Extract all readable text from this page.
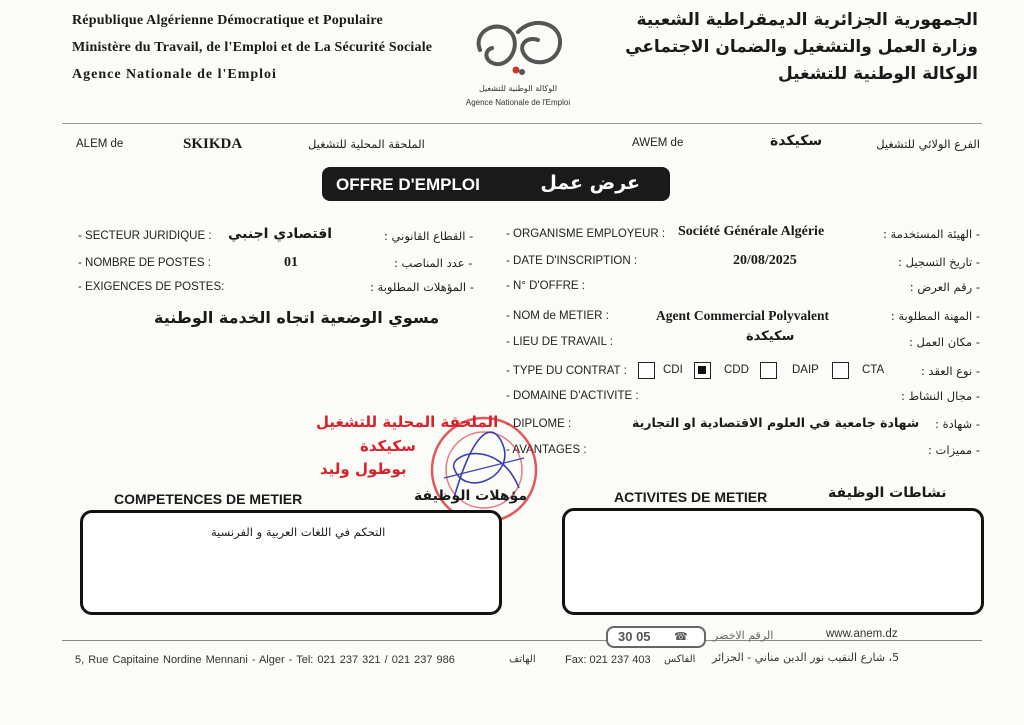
République Algérienne Démocratique et Populaire
Ministère du Travail, de l'Emploi et de La Sécurité Sociale
Agence Nationale de l'Emploi
الجمهورية الجزائرية الديمقراطية الشعبية
وزارة العمل والتشغيل والضمان الاجتماعي
الوكالة الوطنية للتشغيل
الوكالة الوطنية للتشغيل
Agence Nationale de l'Emploi
ALEM de	SKIKDA	الملحقة المحلية للتشغيل	AWEM de	سكيكدة	الفرع الولائي للتشغيل
OFFRE D'EMPLOI	عرض عمل
- SECTEUR JURIDIQUE : اقتصادي اجنبي	- القطاع القانوني :
- NOMBRE DE POSTES :	01	- عدد المناصب :
- EXIGENCES DE POSTES:	- المؤهلات المطلوبة :
مسوي الوضعية اتجاه الخدمة الوطنية
- ORGANISME EMPLOYEUR : Société Générale Algérie	- الهيئة المستخدمة :
- DATE D'INSCRIPTION :	20/08/2025	- تاريخ التسجيل :
- N° D'OFFRE :	- رقم العرض :
- NOM de METIER :	Agent Commercial Polyvalent	- المهنة المطلوبة :
- LIEU DE TRAVAIL :	سكيكدة	- مكان العمل :
- TYPE DU CONTRAT :	CDI	CDD	DAIP	CTA	- نوع العقد :
- DOMAINE D'ACTIVITE :	- مجال النشاط :
- DIPLOME :	شهادة جامعية في العلوم الاقتصادية او التجارية - شهادة :
- AVANTAGES :	- مميزات :
الملحقة المحلية للتشغيل
سكيكدة
بوطول وليد
COMPETENCES DE METIER	مؤهلات الوظيفة	ACTIVITES DE METIER	نشاطات الوظيفة
التحكم في اللغات العربية و الفرنسية
الرقم الاخضر
30 05 ☎	www.anem.dz
5, Rue Capitaine Nordine Mennani - Alger - Tel: 021 237 321 / 021 237 986	الهاتف	Fax: 021 237 403 الفاكس 5، شارع النقيب نور الدين مناني - الجزائر
